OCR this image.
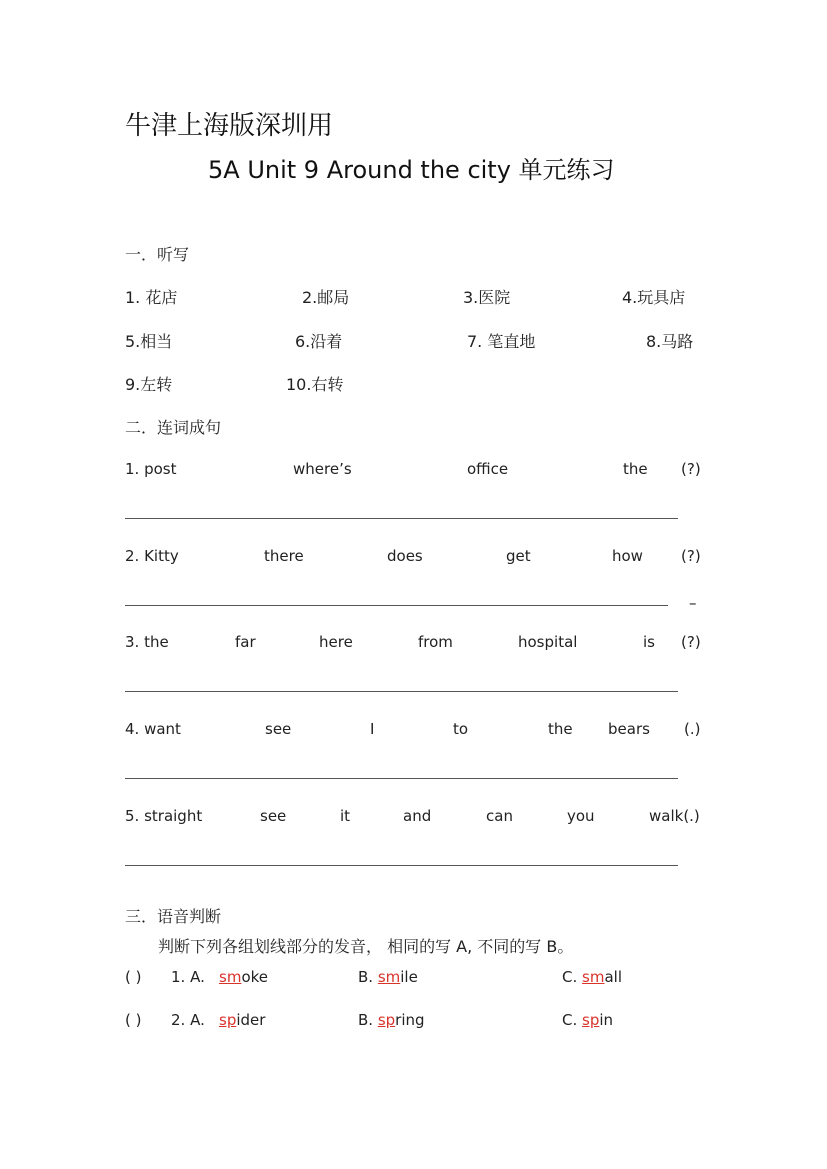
牛津上海版深圳用
5A Unit 9 Around the city 单元练习
一．听写
1. 花店	2.邮局	3.医院	4.玩具店
5.相当	6.沿着	7. 笔直地	8.马路
9.左转	10.右转
二．连词成句
1. post	where’s	office	the (?)
2. Kitty	there	does	get	how	(?)
–
3. the	far	here	from	hospital	is (?)
4. want	see	I	to	the bears (.)
5. straight	see	it	and	can	you	walk(.)
三．语音判断
判断下列各组划线部分的发音， 相同的写 A, 不同的写 B。
( ) 1. A. smoke	B. smile	C. small
( ) 2. A. spider	B. spring	C. spin
